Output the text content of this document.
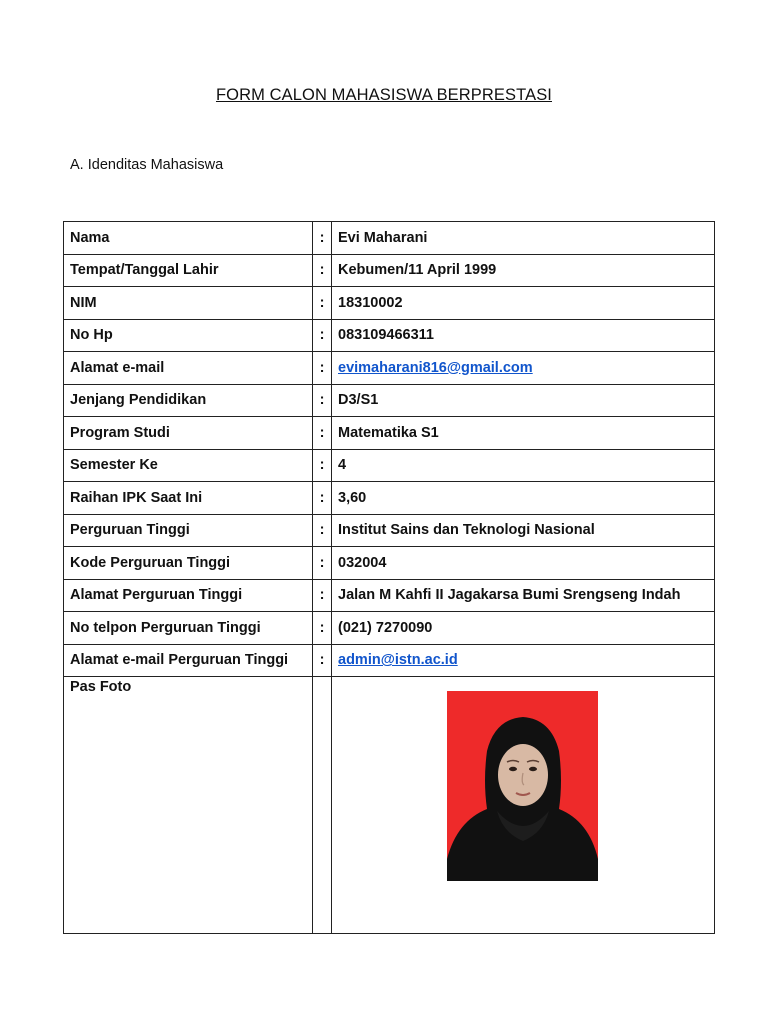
FORM CALON MAHASISWA BERPRESTASI
A. Idenditas Mahasiswa
Nama	:	Evi Maharani
Tempat/Tanggal Lahir	:	Kebumen/11 April 1999
NIM	:	18310002
No Hp	:	083109466311
Alamat e-mail	:	evimaharani816@gmail.com
Jenjang Pendidikan	:	D3/S1
Program Studi	:	Matematika S1
Semester Ke	:	4
Raihan IPK Saat Ini	:	3,60
Perguruan Tinggi	:	Institut Sains dan Teknologi Nasional
Kode Perguruan Tinggi	:	032004
Alamat Perguruan Tinggi	:	Jalan M Kahfi II Jagakarsa Bumi Srengseng Indah
No telpon Perguruan Tinggi	:	(021) 7270090
Alamat e-mail Perguruan Tinggi	:	admin@istn.ac.id
Pas Foto		
